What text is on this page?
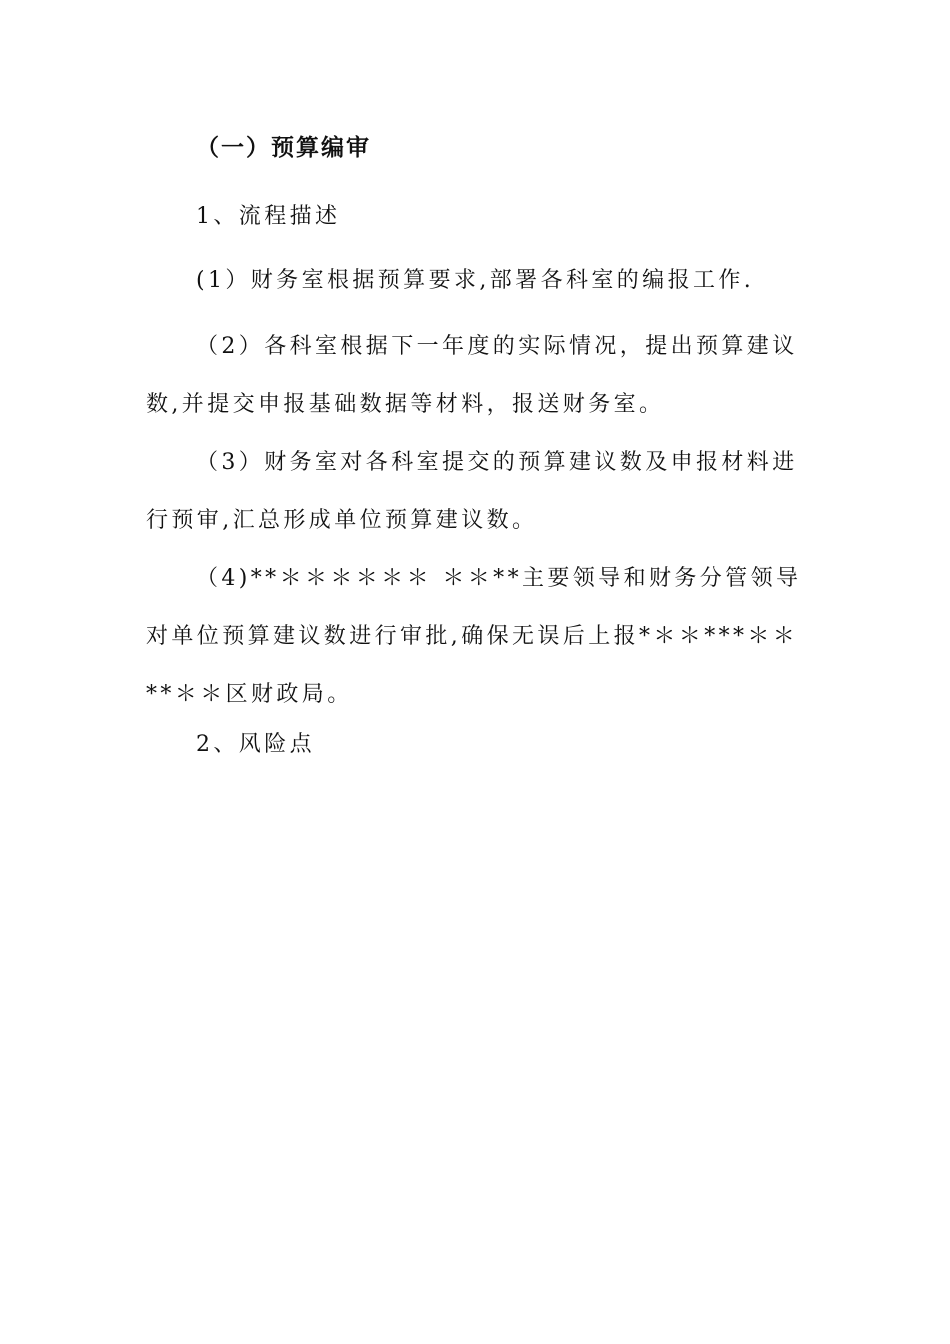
（一）预算编审
1、流程描述
(1）财务室根据预算要求,部署各科室的编报工作.
（2）各科室根据下一年度的实际情况，提出预算建议数,并提交申报基础数据等材料，报送财务室。
（3）财务室对各科室提交的预算建议数及申报材料进行预审,汇总形成单位预算建议数。
（4)**＊＊＊＊＊＊ ＊＊**主要领导和财务分管领导对单位预算建议数进行审批,确保无误后上报*＊＊***＊＊**＊＊区财政局。
2、风险点
